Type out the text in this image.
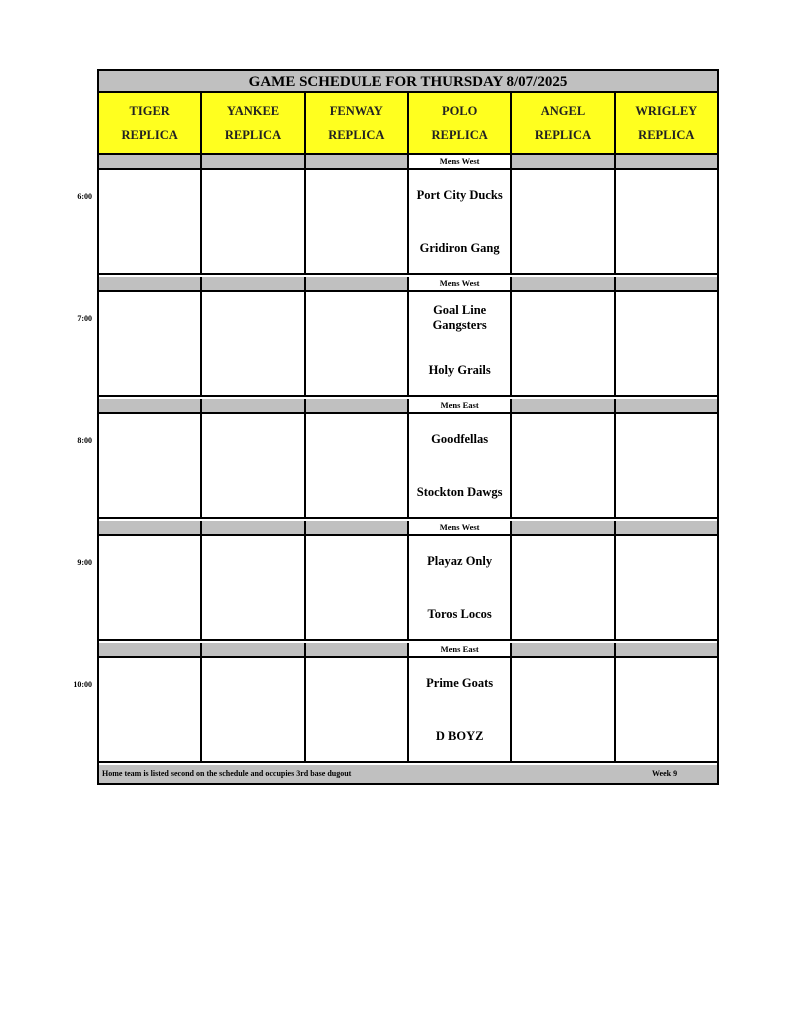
GAME SCHEDULE FOR THURSDAY 8/07/2025
TIGER
REPLICA
YANKEE
REPLICA
FENWAY
REPLICA
POLO
REPLICA
ANGEL
REPLICA
WRIGLEY
REPLICA
Mens West
Port City Ducks
Gridiron Gang
Mens West
Goal Line Gangsters
Holy Grails
Mens East
Goodfellas
Stockton Dawgs
Mens West
Playaz Only
Toros Locos
Mens East
Prime Goats
D BOYZ
Home team is listed second on the schedule and occupies 3rd base dugout	Week 9
6:00
7:00
8:00
9:00
10:00
